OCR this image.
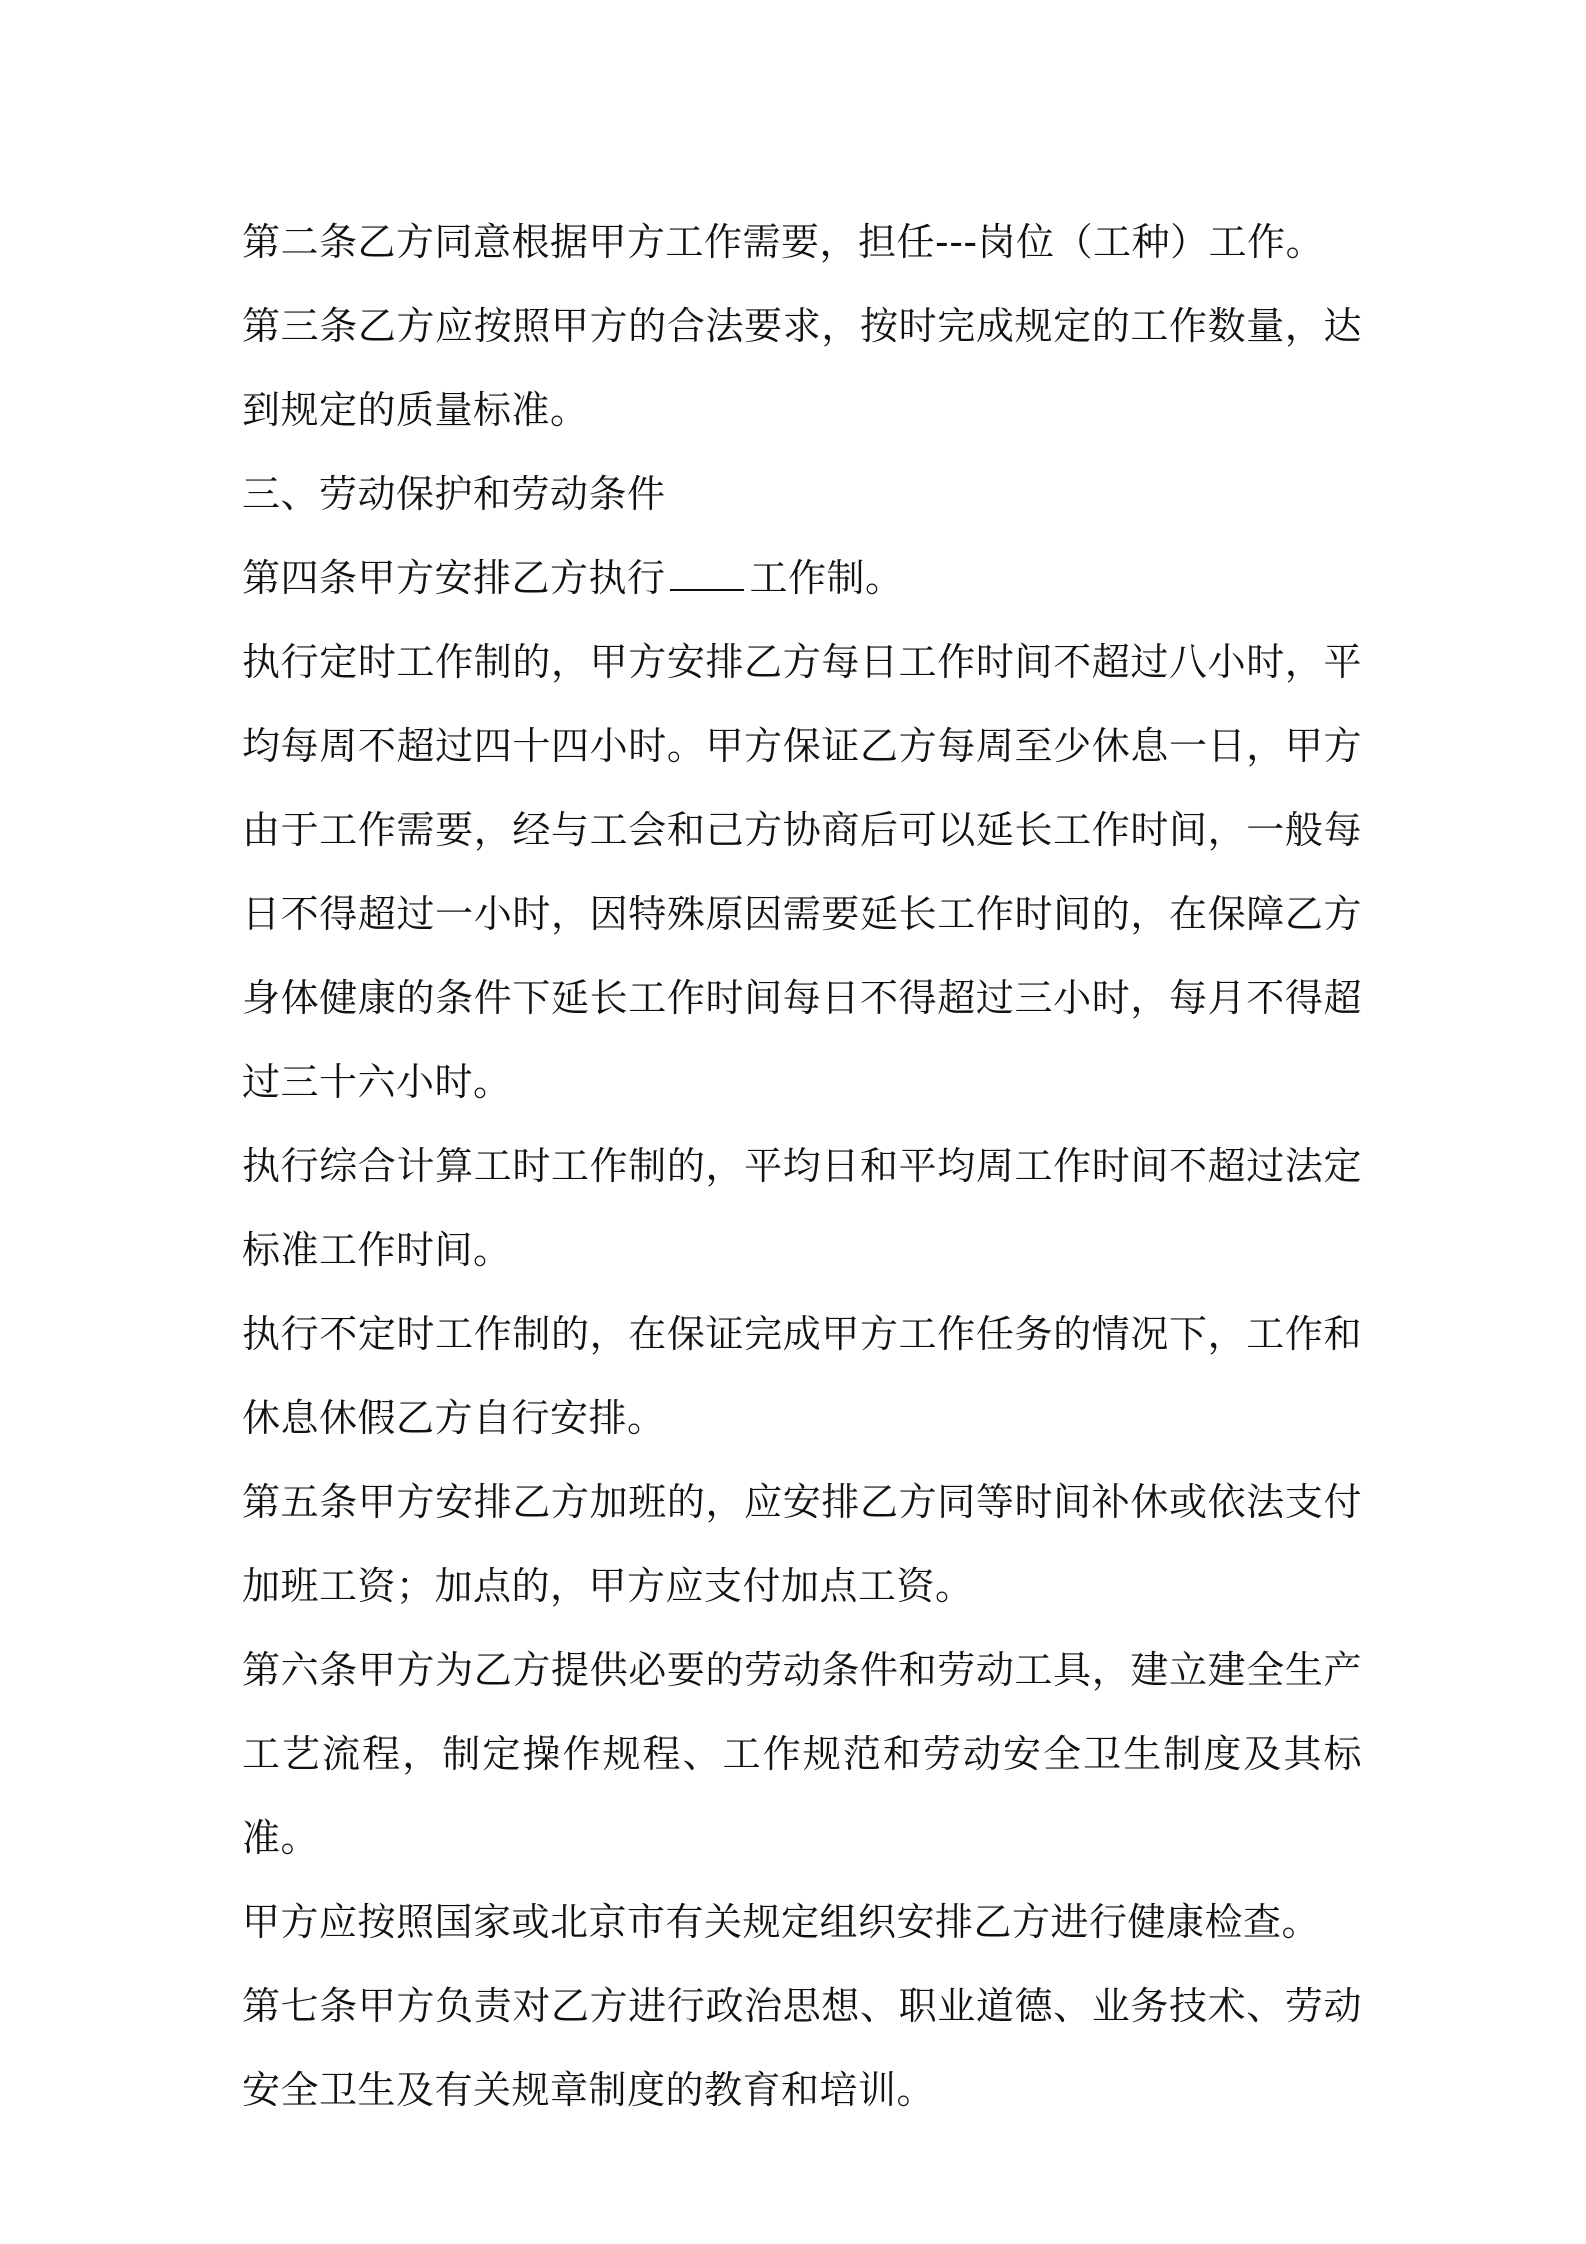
第二条乙方同意根据甲方工作需要，担任---岗位（工种）工作。

第三条乙方应按照甲方的合法要求，按时完成规定的工作数量，达到规定的质量标准。

三、劳动保护和劳动条件

第四条甲方安排乙方执行 工作制。

执行定时工作制的，甲方安排乙方每日工作时间不超过八小时，平均每周不超过四十四小时。甲方保证乙方每周至少休息一日，甲方由于工作需要，经与工会和己方协商后可以延长工作时间，一般每日不得超过一小时，因特殊原因需要延长工作时间的，在保障乙方身体健康的条件下延长工作时间每日不得超过三小时，每月不得超过三十六小时。

执行综合计算工时工作制的，平均日和平均周工作时间不超过法定标准工作时间。

执行不定时工作制的，在保证完成甲方工作任务的情况下，工作和休息休假乙方自行安排。

第五条甲方安排乙方加班的，应安排乙方同等时间补休或依法支付加班工资；加点的，甲方应支付加点工资。

第六条甲方为乙方提供必要的劳动条件和劳动工具，建立建全生产工艺流程，制定操作规程、工作规范和劳动安全卫生制度及其标准。

甲方应按照国家或北京市有关规定组织安排乙方进行健康检查。

第七条甲方负责对乙方进行政治思想、职业道德、业务技术、劳动安全卫生及有关规章制度的教育和培训。
